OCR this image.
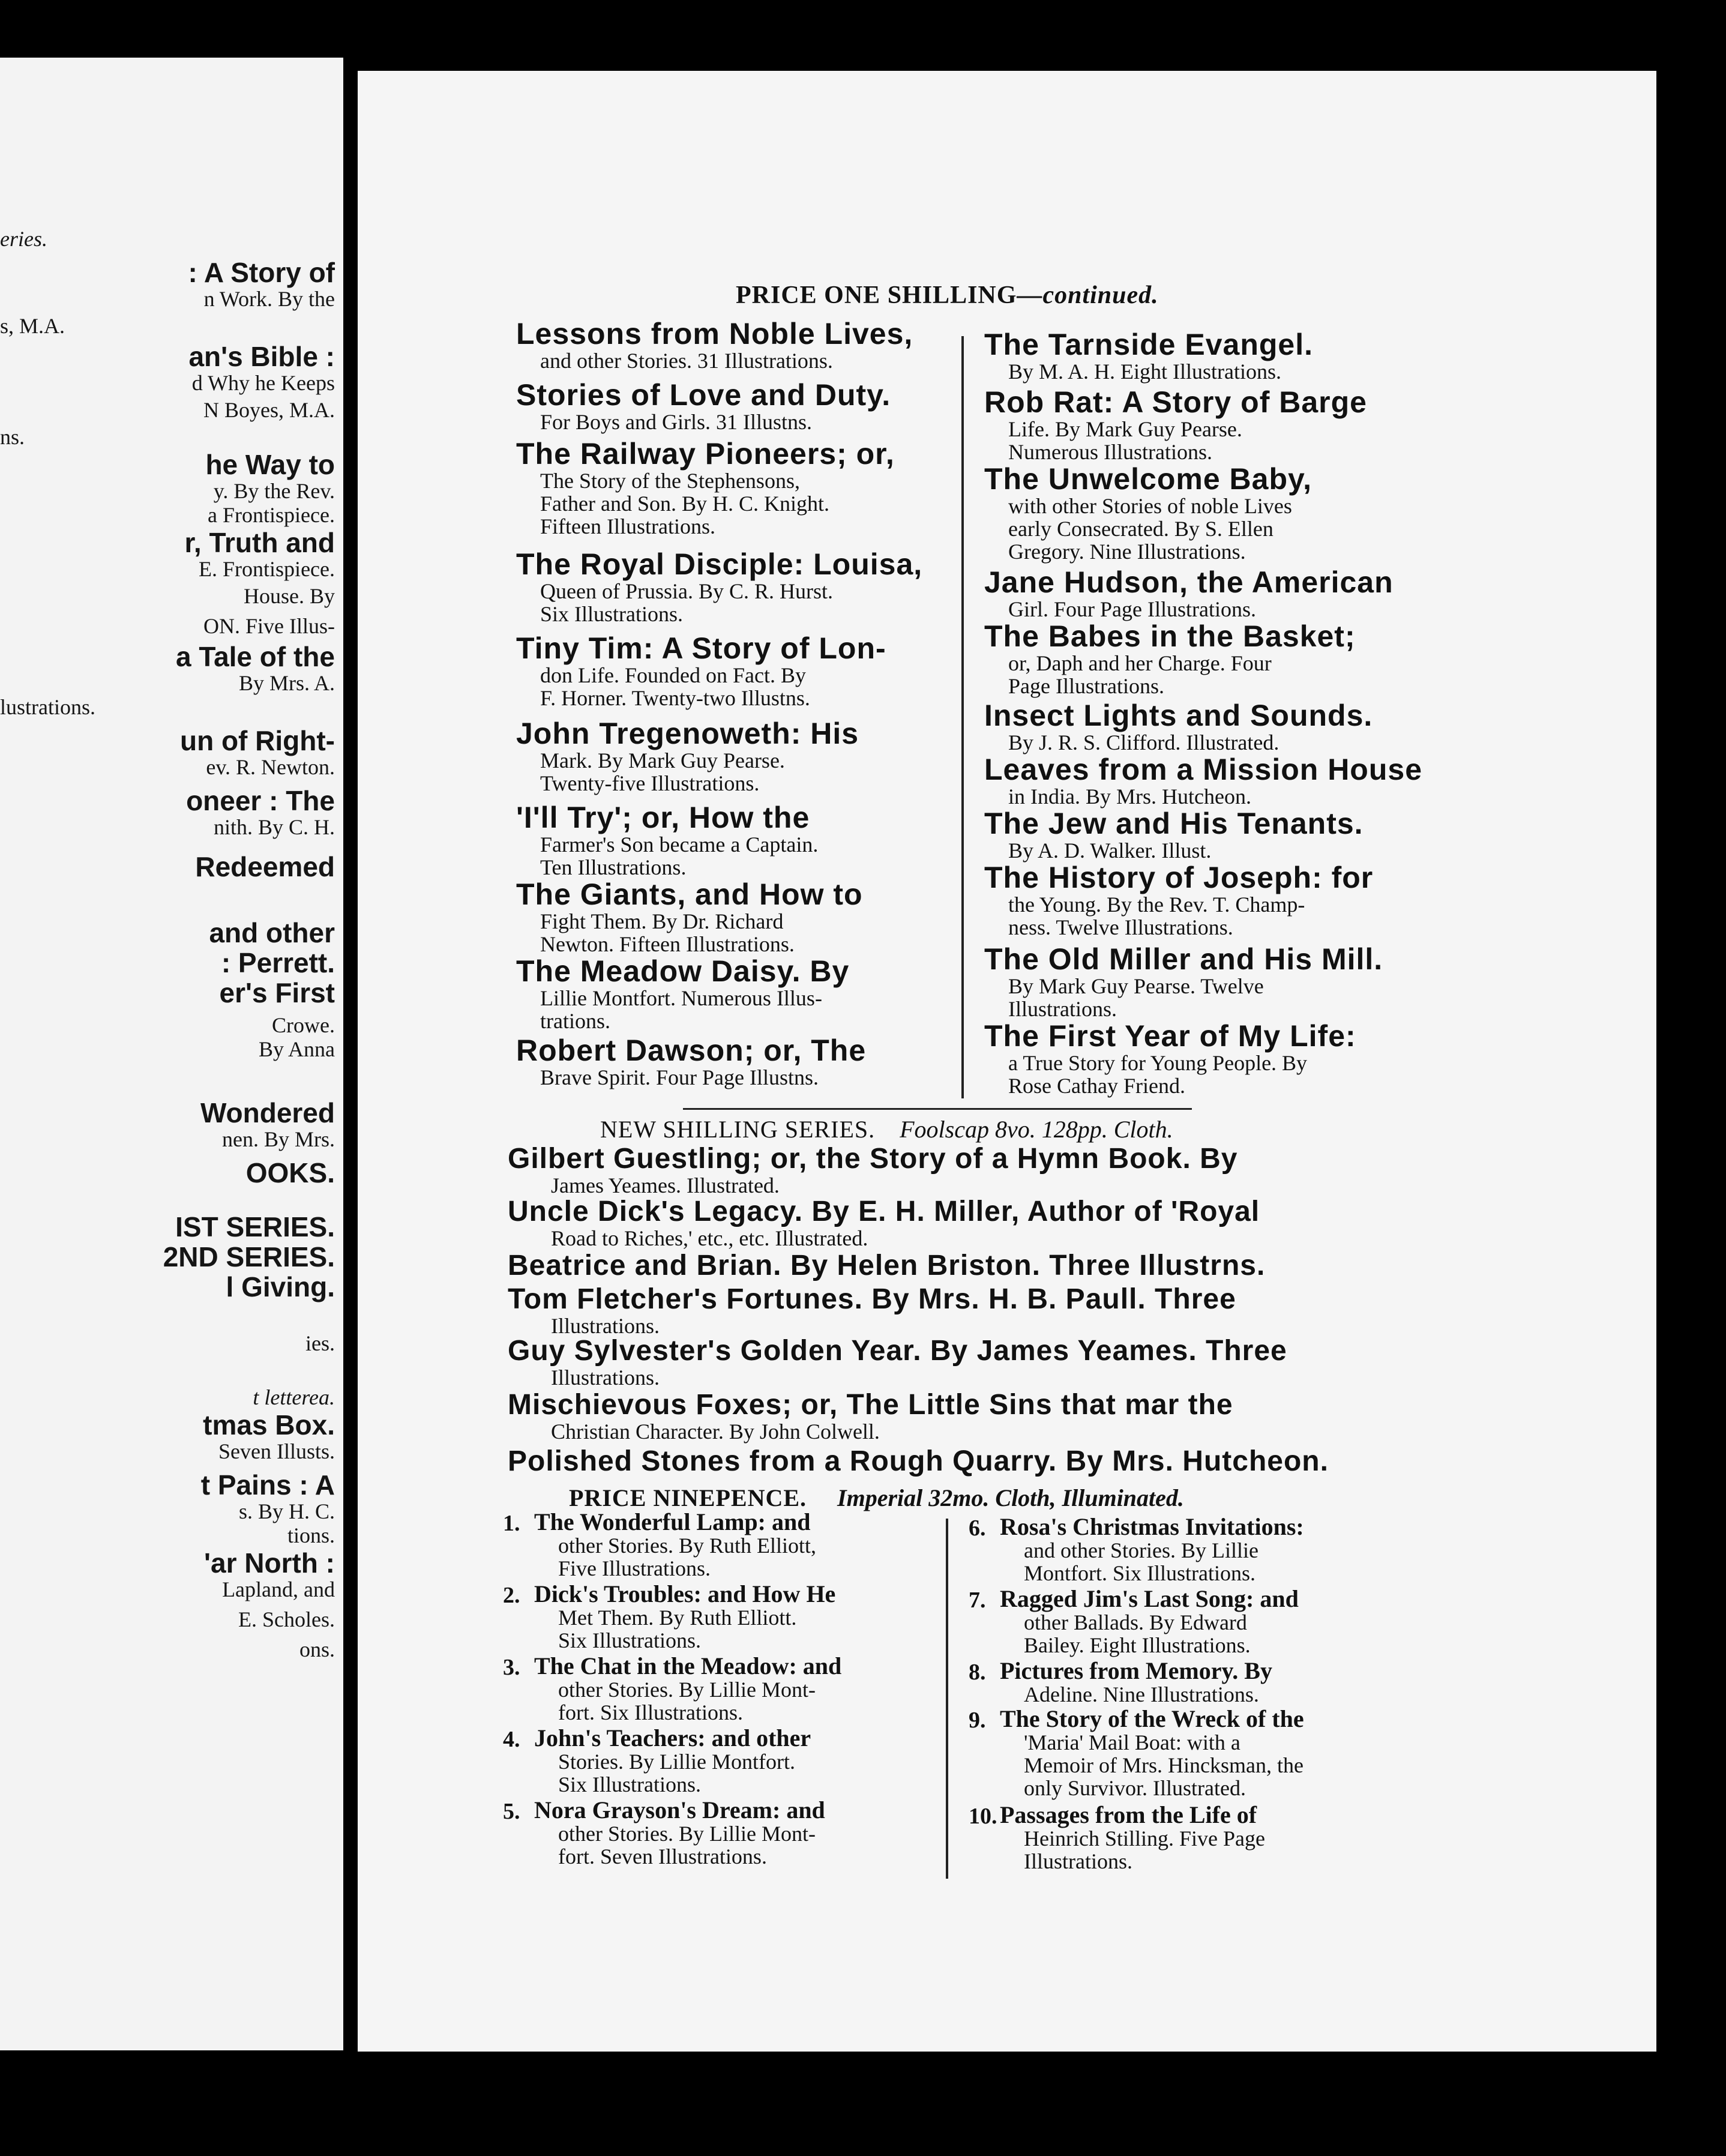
eries.
: A Story of
n Work. By the
s, M.A.
an's Bible :
d Why he Keeps
N Boyes, M.A.
ns.
he Way to
y. By the Rev.
a Frontispiece.
r, Truth and
E. Frontispiece.
House. By
ON. Five Illus-
a Tale of the
By Mrs. A.
lustrations.
un of Right-
ev. R. Newton.
oneer : The
nith. By C. H.
Redeemed
and other
: Perrett.
er's First
Crowe.
By Anna
Wondered
nen. By Mrs.
OOKS.
IST SERIES.
2ND SERIES.
l Giving.
ies.
t letterea.
tmas Box.
Seven Illusts.
t Pains : A
s. By H. C.
tions.
'ar North :
Lapland, and
E. Scholes.
ons.
PRICE ONE SHILLING—continued.
Lessons from Noble Lives,
and other Stories. 31 Illustrations.
Stories of Love and Duty.
For Boys and Girls. 31 Illustns.
The Railway Pioneers; or,
The Story of the Stephensons,
Father and Son. By H. C. Knight.
Fifteen Illustrations.
The Royal Disciple: Louisa,
Queen of Prussia. By C. R. Hurst.
Six Illustrations.
Tiny Tim: A Story of Lon-
don Life. Founded on Fact. By
F. Horner. Twenty-two Illustns.
John Tregenoweth: His
Mark. By Mark Guy Pearse.
Twenty-five Illustrations.
'I'll Try'; or, How the
Farmer's Son became a Captain.
Ten Illustrations.
The Giants, and How to
Fight Them. By Dr. Richard
Newton. Fifteen Illustrations.
The Meadow Daisy. By
Lillie Montfort. Numerous Illus-
trations.
Robert Dawson; or, The
Brave Spirit. Four Page Illustns.
The Tarnside Evangel.
By M. A. H. Eight Illustrations.
Rob Rat: A Story of Barge
Life. By Mark Guy Pearse.
Numerous Illustrations.
The Unwelcome Baby,
with other Stories of noble Lives
early Consecrated. By S. Ellen
Gregory. Nine Illustrations.
Jane Hudson, the American
Girl. Four Page Illustrations.
The Babes in the Basket;
or, Daph and her Charge. Four
Page Illustrations.
Insect Lights and Sounds.
By J. R. S. Clifford. Illustrated.
Leaves from a Mission House
in India. By Mrs. Hutcheon.
The Jew and His Tenants.
By A. D. Walker. Illust.
The History of Joseph: for
the Young. By the Rev. T. Champ-
ness. Twelve Illustrations.
The Old Miller and His Mill.
By Mark Guy Pearse. Twelve
Illustrations.
The First Year of My Life:
a True Story for Young People. By
Rose Cathay Friend.
NEW SHILLING SERIES. Foolscap 8vo. 128pp. Cloth.
Gilbert Guestling; or, the Story of a Hymn Book. By
James Yeames. Illustrated.
Uncle Dick's Legacy. By E. H. Miller, Author of 'Royal
Road to Riches,' etc., etc. Illustrated.
Beatrice and Brian. By Helen Briston. Three Illustrns.
Tom Fletcher's Fortunes. By Mrs. H. B. Paull. Three
Illustrations.
Guy Sylvester's Golden Year. By James Yeames. Three
Illustrations.
Mischievous Foxes; or, The Little Sins that mar the
Christian Character. By John Colwell.
Polished Stones from a Rough Quarry. By Mrs. Hutcheon.
PRICE NINEPENCE. Imperial 32mo. Cloth, Illuminated.
1. The Wonderful Lamp: and
other Stories. By Ruth Elliott,
Five Illustrations.
2. Dick's Troubles: and How He
Met Them. By Ruth Elliott.
Six Illustrations.
3. The Chat in the Meadow: and
other Stories. By Lillie Mont-
fort. Six Illustrations.
4. John's Teachers: and other
Stories. By Lillie Montfort.
Six Illustrations.
5. Nora Grayson's Dream: and
other Stories. By Lillie Mont-
fort. Seven Illustrations.
6. Rosa's Christmas Invitations:
and other Stories. By Lillie
Montfort. Six Illustrations.
7. Ragged Jim's Last Song: and
other Ballads. By Edward
Bailey. Eight Illustrations.
8. Pictures from Memory. By
Adeline. Nine Illustrations.
9. The Story of the Wreck of the
'Maria' Mail Boat: with a
Memoir of Mrs. Hincksman, the
only Survivor. Illustrated.
10. Passages from the Life of
Heinrich Stilling. Five Page
Illustrations.
